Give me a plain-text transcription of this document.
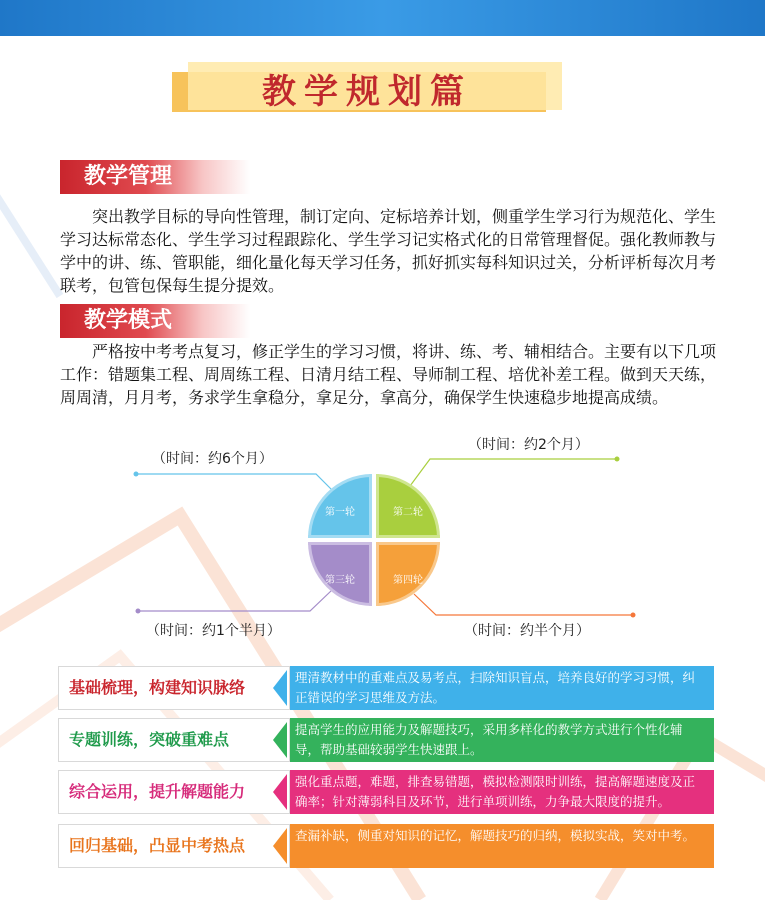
教学规划篇
教学管理
突出教学目标的导向性管理，制订定向、定标培养计划，侧重学生学习行为规范化、学生学习达标常态化、学生学习过程跟踪化、学生学习记实格式化的日常管理督促。强化教师教与学中的讲、练、管职能，细化量化每天学习任务，抓好抓实每科知识过关，分析评析每次月考联考，包管包保每生提分提效。
教学模式
严格按中考考点复习，修正学生的学习习惯，将讲、练、考、辅相结合。主要有以下几项工作：错题集工程、周周练工程、日清月结工程、导师制工程、培优补差工程。做到天天练，周周清，月月考，务求学生拿稳分，拿足分，拿高分，确保学生快速稳步地提高成绩。
（时间：约6个月）
（时间：约2个月）
（时间：约1个半月）	（时间：约半个月）
第一轮	第二轮
第三轮	第四轮
理清教材中的重难点及易考点，扫除知识盲点，培养良好的学习习惯，纠正错误的学习思维及方法。
基础梳理，构建知识脉络
提高学生的应用能力及解题技巧，采用多样化的教学方式进行个性化辅导，帮助基础较弱学生快速跟上。
专题训练，突破重难点
强化重点题，难题，排查易错题，模拟检测限时训练，提高解题速度及正确率；针对薄弱科目及环节，进行单项训练，力争最大限度的提升。
综合运用，提升解题能力
查漏补缺，侧重对知识的记忆，解题技巧的归纳，模拟实战，笑对中考。
回归基础，凸显中考热点
